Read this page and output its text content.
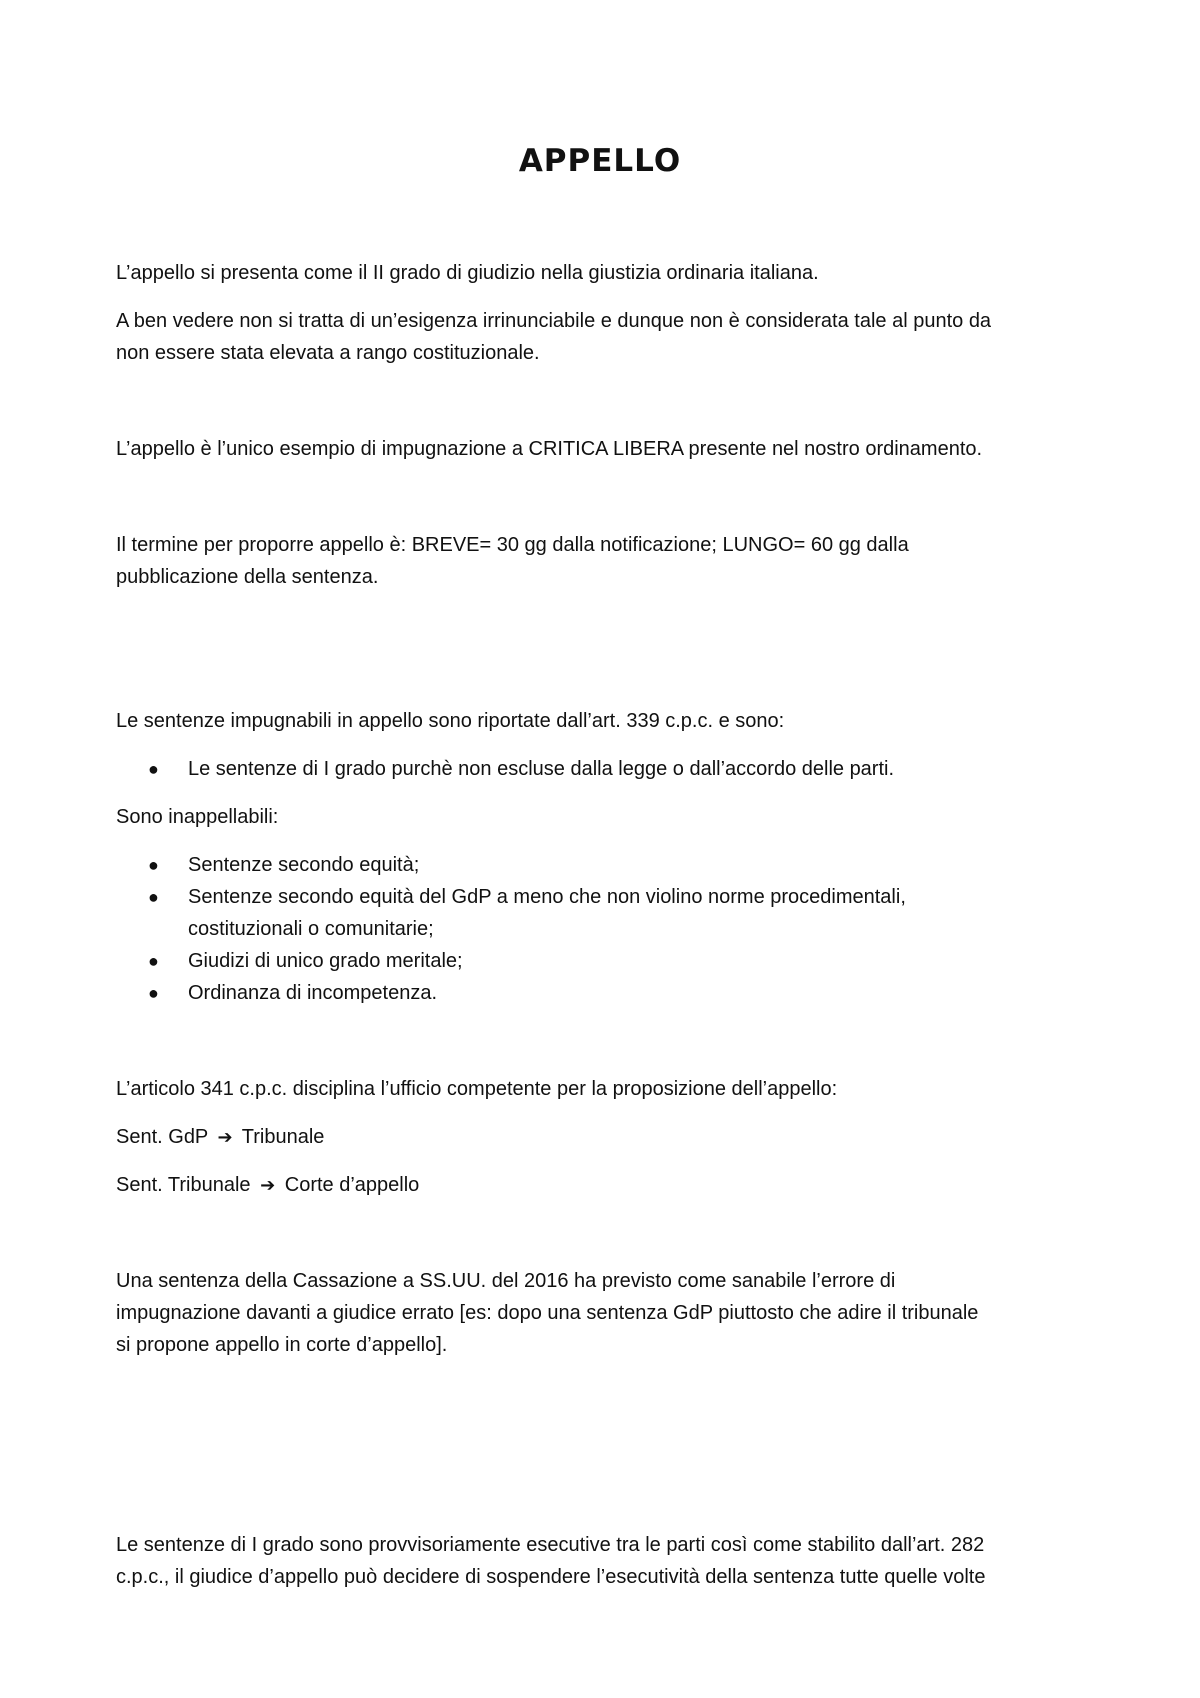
APPELLO
L’appello si presenta come il II grado di giudizio nella giustizia ordinaria italiana.
A ben vedere non si tratta di un’esigenza irrinunciabile e dunque non è considerata tale al punto da
non essere stata elevata a rango costituzionale.
L’appello è l’unico esempio di impugnazione a CRITICA LIBERA presente nel nostro ordinamento.
Il termine per proporre appello è: BREVE= 30 gg dalla notificazione; LUNGO= 60 gg dalla
pubblicazione della sentenza.
Le sentenze impugnabili in appello sono riportate dall’art. 339 c.p.c. e sono:
● Le sentenze di I grado purchè non escluse dalla legge o dall’accordo delle parti.
Sono inappellabili:
● Sentenze secondo equità;
● Sentenze secondo equità del GdP a meno che non violino norme procedimentali,
costituzionali o comunitarie;
● Giudizi di unico grado meritale;
● Ordinanza di incompetenza.
L’articolo 341 c.p.c. disciplina l’ufficio competente per la proposizione dell’appello:
Sent. GdP ➔ Tribunale
Sent. Tribunale ➔ Corte d’appello
Una sentenza della Cassazione a SS.UU. del 2016 ha previsto come sanabile l’errore di
impugnazione davanti a giudice errato [es: dopo una sentenza GdP piuttosto che adire il tribunale
si propone appello in corte d’appello].
Le sentenze di I grado sono provvisoriamente esecutive tra le parti così come stabilito dall’art. 282
c.p.c., il giudice d’appello può decidere di sospendere l’esecutività della sentenza tutte quelle volte
